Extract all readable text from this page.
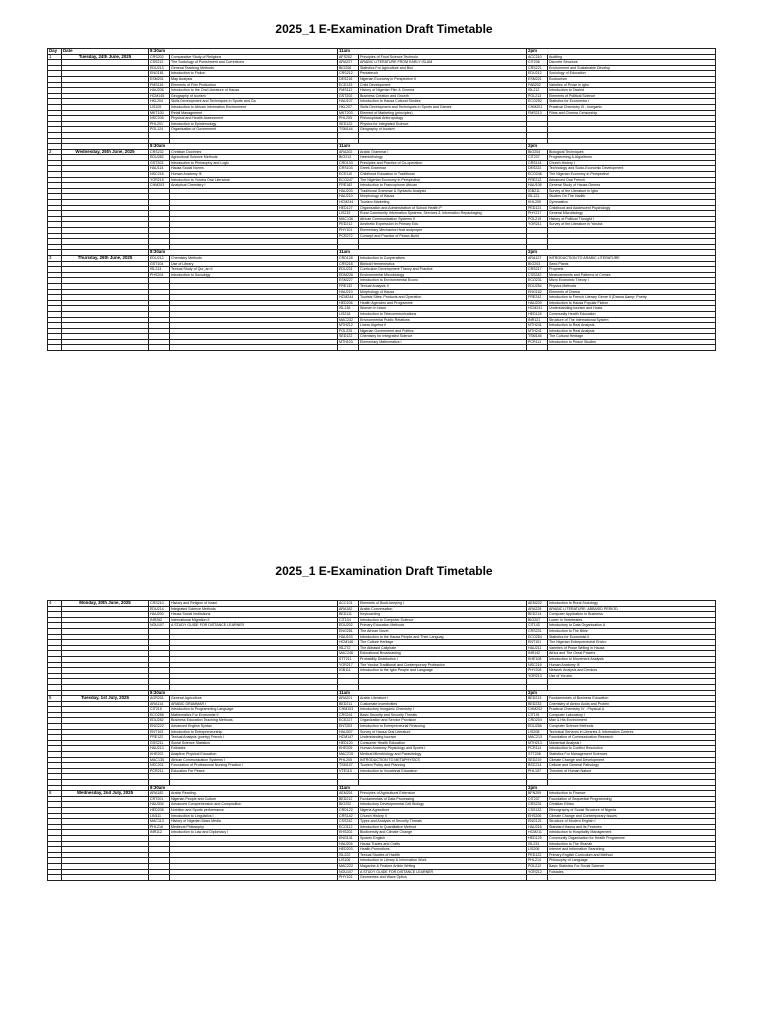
2025_1 E-Examination Draft Timetable
Day	Date	8:30am		11am		2pm	
1	Tuesday, 24th June, 2025	CRS202	Comparative Study of Religions	AFS202	Principles of Food Science Technolo	ACC210	Auditing
		CSS212	The Sociology of Punishment and Corrections	ARA227	ARABIC LITERATURE FROM EARLY ISLAM	CIT206	Discrete Structure
		EDU213	General Teaching Methods	BIO206	Statistics For Agriculture and Biol	CRS221	Environment and Sustainable Develop
		ENG181	Introduction to Fiction	CRS212	Pentateuch	EDU212	Sociology of Education
		ESM201	Map Analysis	DES216	Nigerian Economy in Perspective II	ESM221	Ecotourism
		FMS116	Elements of Film Production	ECE133	Child Development	FAB202	Varieties of Prose in Igbo
		HAU206	Introduction to the Oral Literature of Hausa	FMS112	History of Nigerian Film & Cinema	ISL212	Introduction to Tawhid
		HCM145	Geography of tourism	GST202	Business Creation and Growth	POL213	Elements of Political Science
		HKL204	Skills Development and Techniques in Sports and Ga	HAU107	Introduction to Hausa Cultural Studies	ECO252	Statistics for Economics I
		LIS109	Introduction to African Information Environment	HKL207	Skills Development and Techniques in Sports and Games	CHM201	Practical Chemistry III - Inorganic
		MKT100	Retail Management	MKT203	Element of Marketing (principles)	FMS213	Films and Cinema Censorship
		NSC206	Physical and Health Assessment	PHL205	Philosophical Anthropology		
		PHL201	Introduction to Epistemology	SED122	Physics for Integrated Science		
		POL124	Organisation of Government	TSM144	Geography of tourism		

		8:30am		11am		2pm	
2	Wednesday, 25th June, 2025	CRS232	Christian Doctrines	ARA202	Arabic Grammar I	BIO204	Biological Techniques
		EDU282	Agricultural Science Methods	BIO212	Helminthology	CIT237	Programming & Algorithms
		GST203	Introduction to Philosophy and Logic	CRD103	Principles and Practice of Co-operation	CRS141	Church History I
		HAU114	Hausa Social Norms	CRS103	Greek Grammar	DES222	Technology and Socio-Economic Development
		NSC216	Human Anatomy III	ECE110	Childhood Education in Traditional	ECO246	The Nigerian Economy in Perspective
		YOR215	Introduction to Yoruba Oral Literature	ECO247	The Nigerian Economy in Perspective	FRE212	Advanced Oral French
		CHM203	Analytical Chemistry I	FRE162	Introduction to Francophone African	HAU106	General Study of Hausa Genres
				HAU203	Traditional Grammar & Syntactic Analysis	IGB211	Survey of the Literature in Igbo
				HAU210	Morphology of Hausa	ISL121	Studies On The Hadith
				HCM244	Tourism Marketing	KHL209	Gymnastics
				HED127	Organisation and Administration of School Health P	PED121	Childhood and Adolescent Psychology
				LIS215	Rural Community Information Systems, Services & Information Repackaging	PHY217	General Microbiology
				MAC136	African Communication Systems II	POL215	History of Political Thought I
				PED212	Aesthetic Expression In Primary Edu	YOR211	Survey of the Literature in Yoruba
				PHY101	Elementary Mechanics Heat andproper		
				PCR272	Concept and Practice of Peace-Build		

		8:30am		11am		2pm	
3	Thursday, 26th June, 2025	EDU212	Chemistry Methods	CRD128	Introduction to Cooperatives	ARA127	INTRODUCTION TO ARABIC LITERATURE
		GST104	Use of Library	CRS218	Biblical Hermeneutics	BIO203	Seed Plants
		ISL214	Textual Study of Qur_an II	EDU231	Curriculum Development Theory and Practice	CRS217	Prophets
		PHS204	Introduction to Sociology	EDM226	Environmental Microbiology	CSS242	Measurements and Patterns of Crimes
				ESM227	Introduction to Environmental Econo	ECO231	Micro Economic Theory I
				FRE132	Textual Analysis II	EDU254	Physics Methods
				HAU210	Morphology of Hausa	ENG162	Elements of Drama
				HCM244	Tourists Sites: Products and Operation	FRE242	Introduction to French Literary Genre II (Drama &amp; Poetry
				HED206	Health Agencies and Programme	HAU209	Introduction to Hausa Popular Fiction
				ISL136	Women In Islam	HCM241	Understanding tourism and Hosts
				LIS218	Introduction to Telecommunications	HED124	Community Health Education
				MAC232	Environmental Public Relations	INR121	Structure of The International System
				MTH212	Linear Algebra II	MTH241	Introduction to Real Analysis
				POL225	Nigerian Government and Politics	MTH241	Introduction to Real Analysis
				SED122	Chemistry for Integrated Science	TSM146	The Cultural Heritage
				MTH103	Elementary Mathematics I	PCR111	Introduction to Peace Studies

2025_1 E-Examination Draft Timetable
4	Monday, 30th June, 2025	CRS210	History and Religion of Israel	ACC101	Elements of Book-keeping I	AEM202	Introduction to Rural Sociology
		EDU214	Integrated Science Methods	ARA182	Arabic Conversation	ARA228	ARABIC LITERATURE: ABBASID PERIOD
		HAU200	Hausa Social Institutions	BED111	Keyboarding	BED214	Computer Application In Business
		INR262	International Migration II	CIT104	Introduction to Computer Science	BIO207	Lower In Vertebrates
		NOU107	A STUDY GUIDE FOR DISTANCE LEARNER	EDU202	Primary Education Methods	CIT143	Introductory to Data Organisation A
				ENG281	The African Novel	CRS231	Introduction to The Bible
				HAU103	Introduction to the Hausa People and Their Languag	ECO254	Statistics for Economist II
				HCM146	The Culture Heritage	ENT101	The Nigerian Entrepreneurial Enviro
				ISL272	The Abbasid Caliphate	HAU211	Varieties of Prose Writing in Hausa
				MAC246	Educational Broadcasting	INR142	Africa and The Great Powers
				STT211	Probability Distribution I	KHE108	Introduction to Movement Analysis
				YOR217	The Yoruba Traditional and Contemporary Profession	NSC216	Human Anatomy III
				IGB111	Introduction to the Igbo People and Language	PHY208	Network Analysis and Devices
						YOR213	Use of Yoruba

		8:30am		11am		2pm	
5	Tuesday, 1st July, 2025	AGR201	General Agriculture	ARA201	Arabic Literature I	BED213	Fundamentals of Business Education
		ARA114	ARABIC GRAMMAR I	BED211	Customate Incentivities	BED233	Chemistry of Amino Acids and Protein
		CIT215	Introduction to Programming Language	CHM103	Introductory Inorganic Chemistry I	CHM202	Practical Chemistry IV - Physical A
		ECO256	Mathematics For Economist II	CRS241	Basic Security and Security Threats	CIT191	Computer Laboratory I
		EDU282	Business Education Teaching Methods	ECE227	Organization and Service Provision	CRD204	Man & His Environment
		ENG222	Advanced English Syntax	ENT203	Introduction to Entrepreneurial Financing	EDU258	Computer Science Methods
		ENT103	Introduction to Entrepreneurship	HAU307	Survey of Hausa Oral Literature	LIS208	Technical Services in Libraries & Information Centres
		FRE122	Textual Analysis (poetry) French I	HCM147	Understanding tourism	MAC213	Foundation of Communication Research
		GSS211	Social Science Statistics	HED120	Consumer Health Education	MTH213	Numerical Analysis I
		HAU213	Folktales	KHE205	Human Anatomy Physiology and Sports I	PCR114	Introduction to Conflict Resolution
		KHE202	Adaptive Physical Education	MAC215	Medical Microbiology and Parasitology	STT206	Statistics For Management Sciences
		MAC135	African Communication Systems I	PHL205	INTRODUCTION TO METAPHYSICS	SED219	Climate Change and Development
		NSC201	Foundation of Professional Nursing Practice I	TSM147	Tourism Policy and Planning	BSC214	Cellular and General Pathology
		PCR211	Education For Peace	VTE115	Introduction to Vocational Education	PHL107	Theories of Human Nature

		8:30am		11am		2pm	
6	Wednesday, 2nd July, 2025	ARA182	Arabic Reading	AEM201	Principles of Agricultural Extension	BFN209	Introduction to Finance
		CRT201	Nigerian People and Culture	BED212	Fundamentals of Data Processing	CIT237	Foundation of Sequential Programming
		HAU304	Advanced Comprehension and Composition	BIO202	Introductory Developmental Cell Biology	CRS231	Christian Ethics
		HED208	Nutrition and Sports performance	CRD122	Nigeria Agriculture	CSS132	Ethnography of Social Structure of Nigeria
		LIN111	Introduction to Linguistics I	CRS142	Church History II	EHS206	Climate Change and Contemporary Issues
		MAC113	History of Nigerian Mass Media	CSS242	Types and Analysis of Security Threats	ENG121	Structure of Modern English I
		PHL216	Medieval Philosophy	ECO112	Introduction to Quantitative Method	HAU216	Standard Hausa and its Features
		INR112	Introduction to Law and Diplomacy I	EHS202	Biodiversity and Climate Change	HCM211	Introduction to Hospitality Management
				ENG141	Spoken English	HED125	Community Organisation for Health Programme
				HAU204	Hausa Trades and Crafts	ISL231	Introduction to The Shariah
				HED203	Health Promotions	LIS206	Internet and Information Searching
				ISL222	Textual Studies of Hadith	PED122	Primary English Curriculum and Method
				LIS106	Introduction to Library & Information Work	PHL214	Philosophy of Language
				MAC222	Magazine & Feature Article Writing	POL212	Basic Statistics For Social Science
				NOU107	A STUDY GUIDE FOR DISTANCE LEARNER	YOR212	Folktales
				PHY103	Geometries and Wave Optics		
